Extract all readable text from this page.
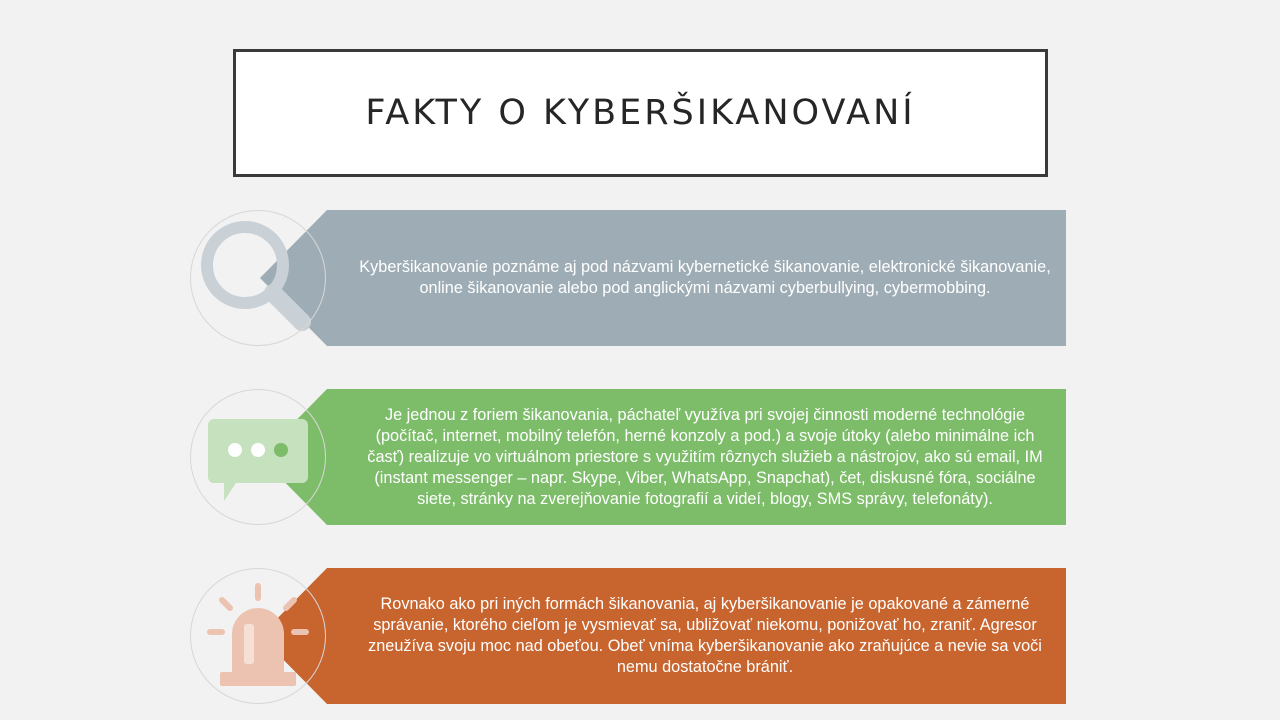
FAKTY O KYBERŠIKANOVANÍ
Kyberšikanovanie poznáme aj pod názvami kybernetické šikanovanie, elektronické šikanovanie, online šikanovanie alebo pod anglickými názvami cyberbullying, cybermobbing.
Je jednou z foriem šikanovania, páchateľ využíva pri svojej činnosti moderné technológie (počítač, internet, mobilný telefón, herné konzoly a pod.) a svoje útoky (alebo minimálne ich časť) realizuje vo virtuálnom priestore s využitím rôznych služieb a nástrojov, ako sú email, IM (instant messenger – napr. Skype, Viber, WhatsApp, Snapchat), čet, diskusné fóra, sociálne siete, stránky na zverejňovanie fotografií a videí, blogy, SMS správy, telefonáty).
Rovnako ako pri iných formách šikanovania, aj kyberšikanovanie je opakované a zámerné správanie, ktorého cieľom je vysmievať sa, ubližovať niekomu, ponižovať ho, zraniť. Agresor zneužíva svoju moc nad obeťou. Obeť vníma kyberšikanovanie ako zraňujúce a nevie sa voči nemu dostatočne brániť.
